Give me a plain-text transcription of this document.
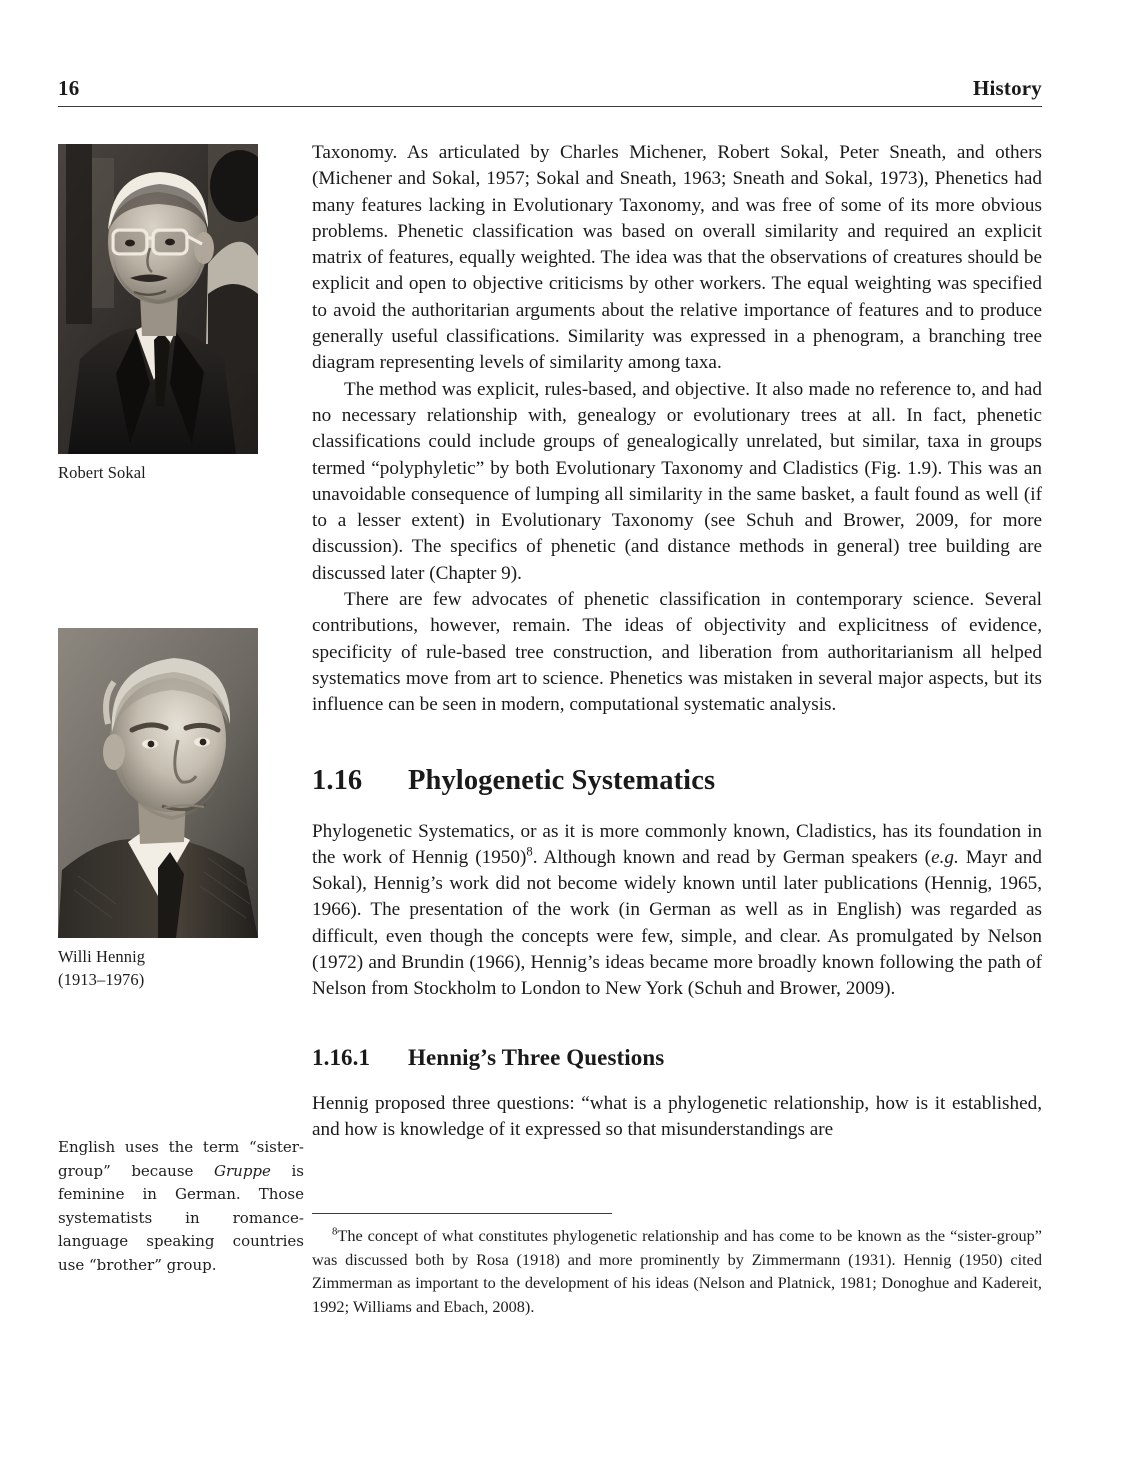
16	History
Robert Sokal
Willi Hennig
(1913–1976)
English uses the term “sister-group” because Gruppe is feminine in German. Those systematists in romance-language speaking countries use “brother” group.

Taxonomy. As articulated by Charles Michener, Robert Sokal, Peter Sneath, and others (Michener and Sokal, 1957; Sokal and Sneath, 1963; Sneath and Sokal, 1973), Phenetics had many features lacking in Evolutionary Taxonomy, and was free of some of its more obvious problems. Phenetic classification was based on overall similarity and required an explicit matrix of features, equally weighted. The idea was that the observations of creatures should be explicit and open to objective criticisms by other workers. The equal weighting was specified to avoid the authoritarian arguments about the relative importance of features and to produce generally useful classifications. Similarity was expressed in a phenogram, a branching tree diagram representing levels of similarity among taxa.

The method was explicit, rules-based, and objective. It also made no reference to, and had no necessary relationship with, genealogy or evolutionary trees at all. In fact, phenetic classifications could include groups of genealogically unrelated, but similar, taxa in groups termed “polyphyletic” by both Evolutionary Taxonomy and Cladistics (Fig. 1.9). This was an unavoidable consequence of lumping all similarity in the same basket, a fault found as well (if to a lesser extent) in Evolutionary Taxonomy (see Schuh and Brower, 2009, for more discussion). The specifics of phenetic (and distance methods in general) tree building are discussed later (Chapter 9).

There are few advocates of phenetic classification in contemporary science. Several contributions, however, remain. The ideas of objectivity and explicitness of evidence, specificity of rule-based tree construction, and liberation from authoritarianism all helped systematics move from art to science. Phenetics was mistaken in several major aspects, but its influence can be seen in modern, computational systematic analysis.

1.16 Phylogenetic Systematics

Phylogenetic Systematics, or as it is more commonly known, Cladistics, has its foundation in the work of Hennig $(1950)^8$. Although known and read by German speakers (e.g. Mayr and Sokal), Hennig’s work did not become widely known until later publications (Hennig, 1965, 1966). The presentation of the work (in German as well as in English) was regarded as difficult, even though the concepts were few, simple, and clear. As promulgated by Nelson (1972) and Brundin (1966), Hennig’s ideas became more broadly known following the path of Nelson from Stockholm to London to New York (Schuh and Brower, 2009).

1.16.1 Hennig’s Three Questions

Hennig proposed three questions: “what is a phylogenetic relationship, how is it established, and how is knowledge of it expressed so that misunderstandings are

$^8$The concept of what constitutes phylogenetic relationship and has come to be known as the “sister-group” was discussed both by Rosa (1918) and more prominently by Zimmermann (1931). Hennig (1950) cited Zimmerman as important to the development of his ideas (Nelson and Platnick, 1981; Donoghue and Kadereit, 1992; Williams and Ebach, 2008).
